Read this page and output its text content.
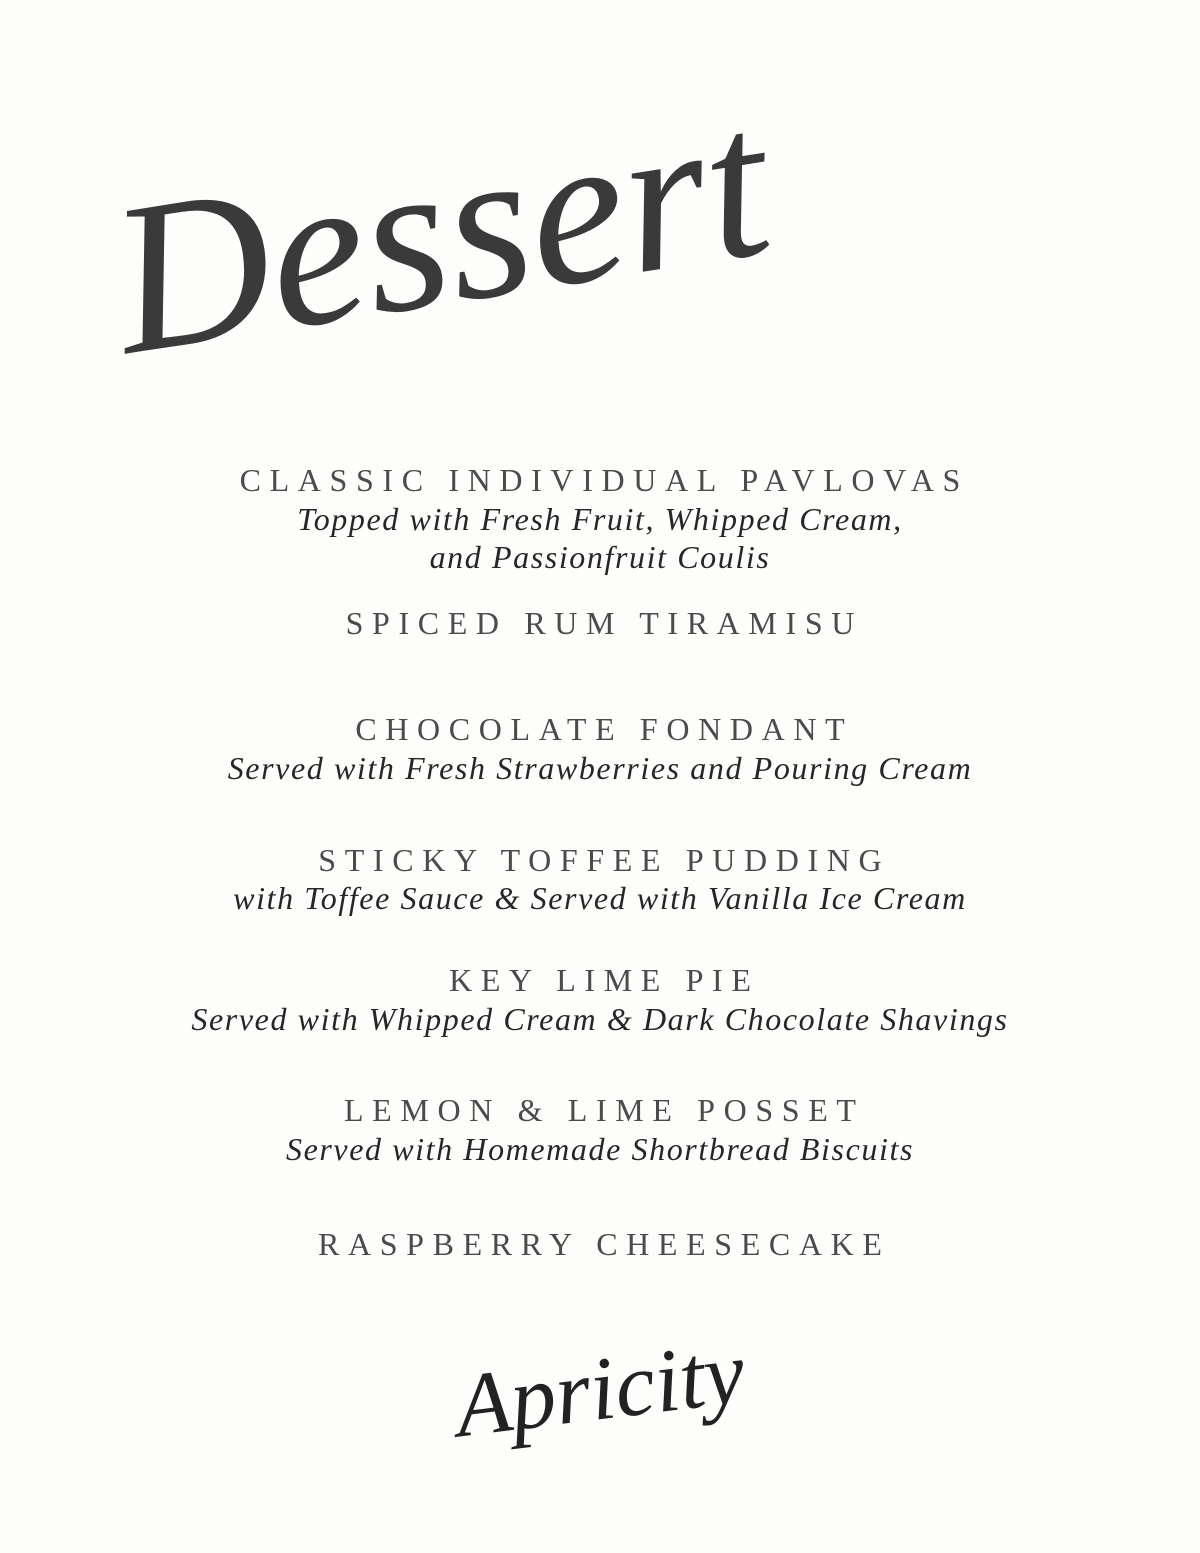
Dessert
CLASSIC INDIVIDUAL PAVLOVAS
Topped with Fresh Fruit, Whipped Cream,
and Passionfruit Coulis
SPICED RUM TIRAMISU
CHOCOLATE FONDANT
Served with Fresh Strawberries and Pouring Cream
STICKY TOFFEE PUDDING
with Toffee Sauce & Served with Vanilla Ice Cream
KEY LIME PIE
Served with Whipped Cream & Dark Chocolate Shavings
LEMON & LIME POSSET
Served with Homemade Shortbread Biscuits
RASPBERRY CHEESECAKE
Apricity
